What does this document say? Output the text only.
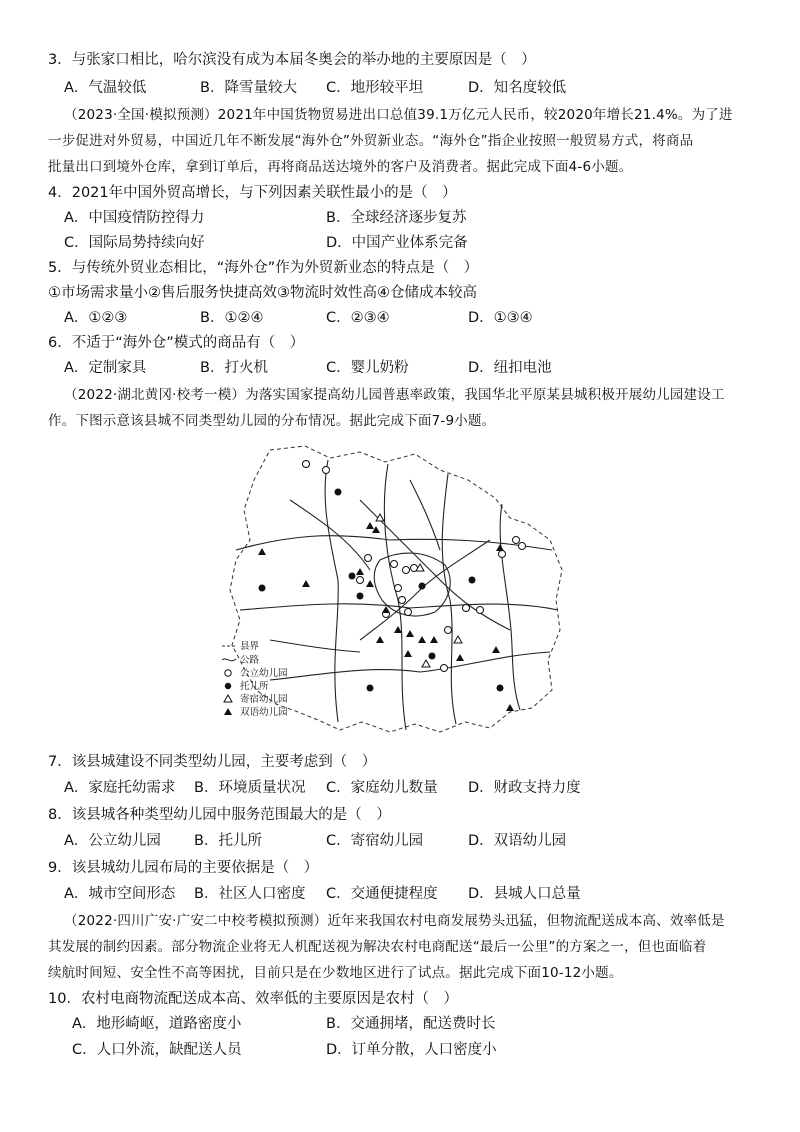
3．与张家口相比，哈尔滨没有成为本届冬奥会的举办地的主要原因是（　）
A．气温较低	B．降雪量较大 C．地形较平坦	D．知名度较低
（2023·全国·模拟预测）2021年中国货物贸易进出口总值39.1万亿元人民币，较2020年增长21.4%。为了进
一步促进对外贸易，中国近几年不断发展“海外仓”外贸新业态。“海外仓”指企业按照一般贸易方式，将商品
批量出口到境外仓库，拿到订单后，再将商品送达境外的客户及消费者。据此完成下面4-6小题。
4．2021年中国外贸高增长，与下列因素关联性最小的是（　）
A．中国疫情防控得力	B．全球经济逐步复苏
C．国际局势持续向好	D．中国产业体系完备
5．与传统外贸业态相比，“海外仓”作为外贸新业态的特点是（　）
①市场需求量小②售后服务快捷高效③物流时效性高④仓储成本较高
A．①②③	B．①②④	C．②③④	D．①③④
6．不适于“海外仓”模式的商品有（　）
A．定制家具	B．打火机	C．婴儿奶粉	D．纽扣电池
（2022·湖北黄冈·校考一模）为落实国家提高幼儿园普惠率政策，我国华北平原某县城积极开展幼儿园建设工
作。下图示意该县城不同类型幼儿园的分布情况。据此完成下面7-9小题。
县界
公路
公立幼儿园
托儿所
寄宿幼儿园
双语幼儿园
7．该县城建设不同类型幼儿园，主要考虑到（　）
A．家庭托幼需求 B．环境质量状况 C．家庭幼儿数量 D．财政支持力度
8．该县城各种类型幼儿园中服务范围最大的是（　）
A．公立幼儿园 B．托儿所	C．寄宿幼儿园	D．双语幼儿园
9．该县城幼儿园布局的主要依据是（　）
A．城市空间形态 B．社区人口密度 C．交通便捷程度 D．县城人口总量
（2022·四川广安·广安二中校考模拟预测）近年来我国农村电商发展势头迅猛，但物流配送成本高、效率低是
其发展的制约因素。部分物流企业将无人机配送视为解决农村电商配送“最后一公里”的方案之一，但也面临着
续航时间短、安全性不高等困扰，目前只是在少数地区进行了试点。据此完成下面10-12小题。
10．农村电商物流配送成本高、效率低的主要原因是农村（　）
A．地形崎岖，道路密度小	B．交通拥堵，配送费时长
C．人口外流，缺配送人员	D．订单分散，人口密度小
